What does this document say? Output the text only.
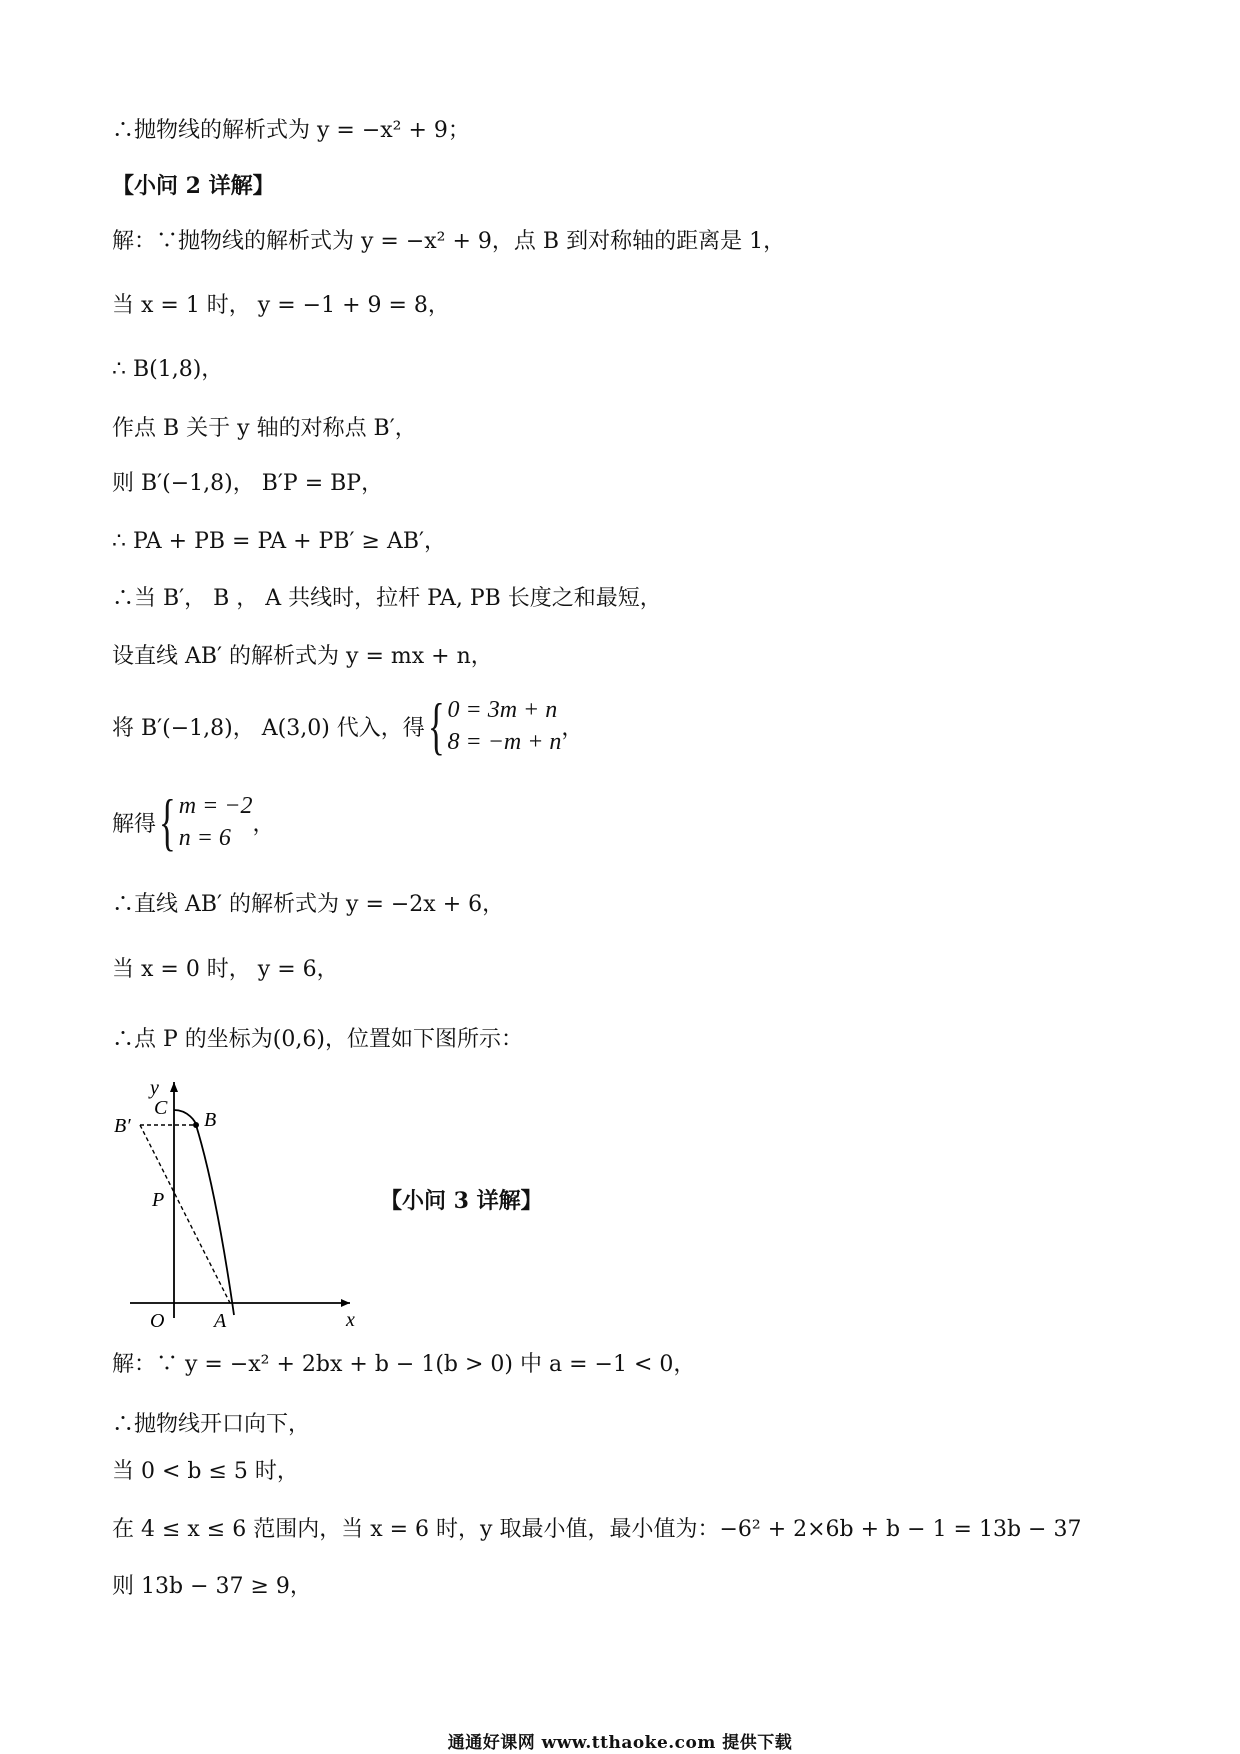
∴抛物线的解析式为 y = −x² + 9；
【小问 2 详解】
解：∵抛物线的解析式为 y = −x² + 9，点 B 到对称轴的距离是 1，
当 x = 1 时， y = −1 + 9 = 8，
∴ B(1,8)，
作点 B 关于 y 轴的对称点 B′，
则 B′(−1,8)， B′P = BP，
∴ PA + PB = PA + PB′ ≥ AB′，
∴当 B′， B ， A 共线时，拉杆 PA, PB 长度之和最短，
设直线 AB′ 的解析式为 y = mx + n，
将 B′(−1,8)， A(3,0) 代入，得 { 0 = 3m + n
8 = −m + n
，
解得 { m = −2
n = 6
，
∴直线 AB′ 的解析式为 y = −2x + 6，
当 x = 0 时， y = 6，
∴点 P 的坐标为(0,6)，位置如下图所示：
y
x
C
B
B′
P
O A
【小问 3 详解】
解：∵ y = −x² + 2bx + b − 1(b > 0) 中 a = −1 < 0，
∴抛物线开口向下，
当 0 < b ≤ 5 时，
在 4 ≤ x ≤ 6 范围内，当 x = 6 时，y 取最小值，最小值为：−6² + 2×6b + b − 1 = 13b − 37
则 13b − 37 ≥ 9，
通通好课网 www.tthaoke.com 提供下载
